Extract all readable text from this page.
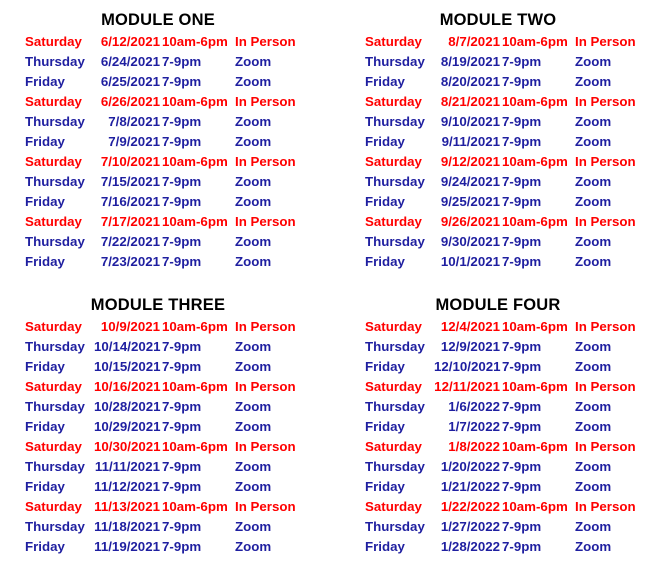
MODULE ONE
Saturday	6/12/2021 10am-6pm In Person
Thursday	6/24/2021 7-9pm	Zoom
Friday	6/25/2021 7-9pm	Zoom
Saturday	6/26/2021 10am-6pm In Person
Thursday	7/8/2021 7-9pm	Zoom
Friday	7/9/2021 7-9pm	Zoom
Saturday	7/10/2021 10am-6pm In Person
Thursday	7/15/2021 7-9pm	Zoom
Friday	7/16/2021 7-9pm	Zoom
Saturday	7/17/2021 10am-6pm In Person
Thursday	7/22/2021 7-9pm	Zoom
Friday	7/23/2021 7-9pm	Zoom
MODULE TWO
Saturday	8/7/2021 10am-6pm In Person
Thursday	8/19/2021 7-9pm	Zoom
Friday	8/20/2021 7-9pm	Zoom
Saturday	8/21/2021 10am-6pm In Person
Thursday	9/10/2021 7-9pm	Zoom
Friday	9/11/2021 7-9pm	Zoom
Saturday	9/12/2021 10am-6pm In Person
Thursday	9/24/2021 7-9pm	Zoom
Friday	9/25/2021 7-9pm	Zoom
Saturday	9/26/2021 10am-6pm In Person
Thursday	9/30/2021 7-9pm	Zoom
Friday	10/1/2021 7-9pm	Zoom
MODULE THREE
Saturday	10/9/2021 10am-6pm In Person
Thursday 10/14/2021 7-9pm	Zoom
Friday 10/15/2021 7-9pm	Zoom
Saturday 10/16/2021 10am-6pm In Person
Thursday 10/28/2021 7-9pm	Zoom
Friday 10/29/2021 7-9pm	Zoom
Saturday 10/30/2021 10am-6pm In Person
Thursday 11/11/2021 7-9pm	Zoom
Friday 11/12/2021 7-9pm	Zoom
Saturday 11/13/2021 10am-6pm In Person
Thursday 11/18/2021 7-9pm	Zoom
Friday 11/19/2021 7-9pm	Zoom
MODULE FOUR
Saturday	12/4/2021 10am-6pm In Person
Thursday	12/9/2021 7-9pm	Zoom
Friday 12/10/2021 7-9pm	Zoom
Saturday 12/11/2021 10am-6pm In Person
Thursday	1/6/2022 7-9pm	Zoom
Friday	1/7/2022 7-9pm	Zoom
Saturday	1/8/2022 10am-6pm In Person
Thursday	1/20/2022 7-9pm	Zoom
Friday	1/21/2022 7-9pm	Zoom
Saturday	1/22/2022 10am-6pm In Person
Thursday	1/27/2022 7-9pm	Zoom
Friday	1/28/2022 7-9pm	Zoom
